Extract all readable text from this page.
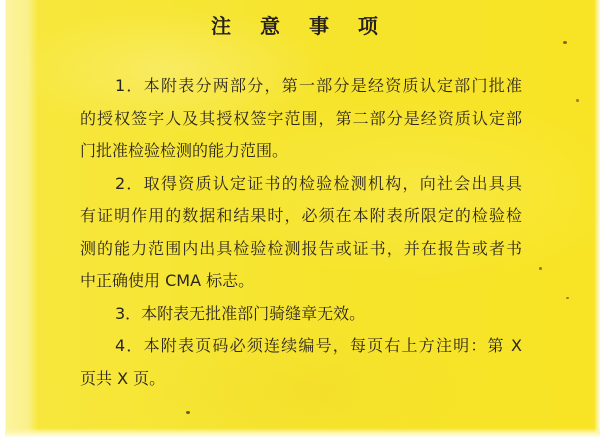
注 意 事 项
1．本附表分两部分，第一部分是经资质认定部门批准
的授权签字人及其授权签字范围，第二部分是经资质认定部
门批准检验检测的能力范围。
2．取得资质认定证书的检验检测机构，向社会出具具
有证明作用的数据和结果时，必须在本附表所限定的检验检
测的能力范围内出具检验检测报告或证书，并在报告或者书
中正确使用 CMA 标志。
3．本附表无批准部门骑缝章无效。
4．本附表页码必须连续编号，每页右上方注明：第 X
页共 X 页。
